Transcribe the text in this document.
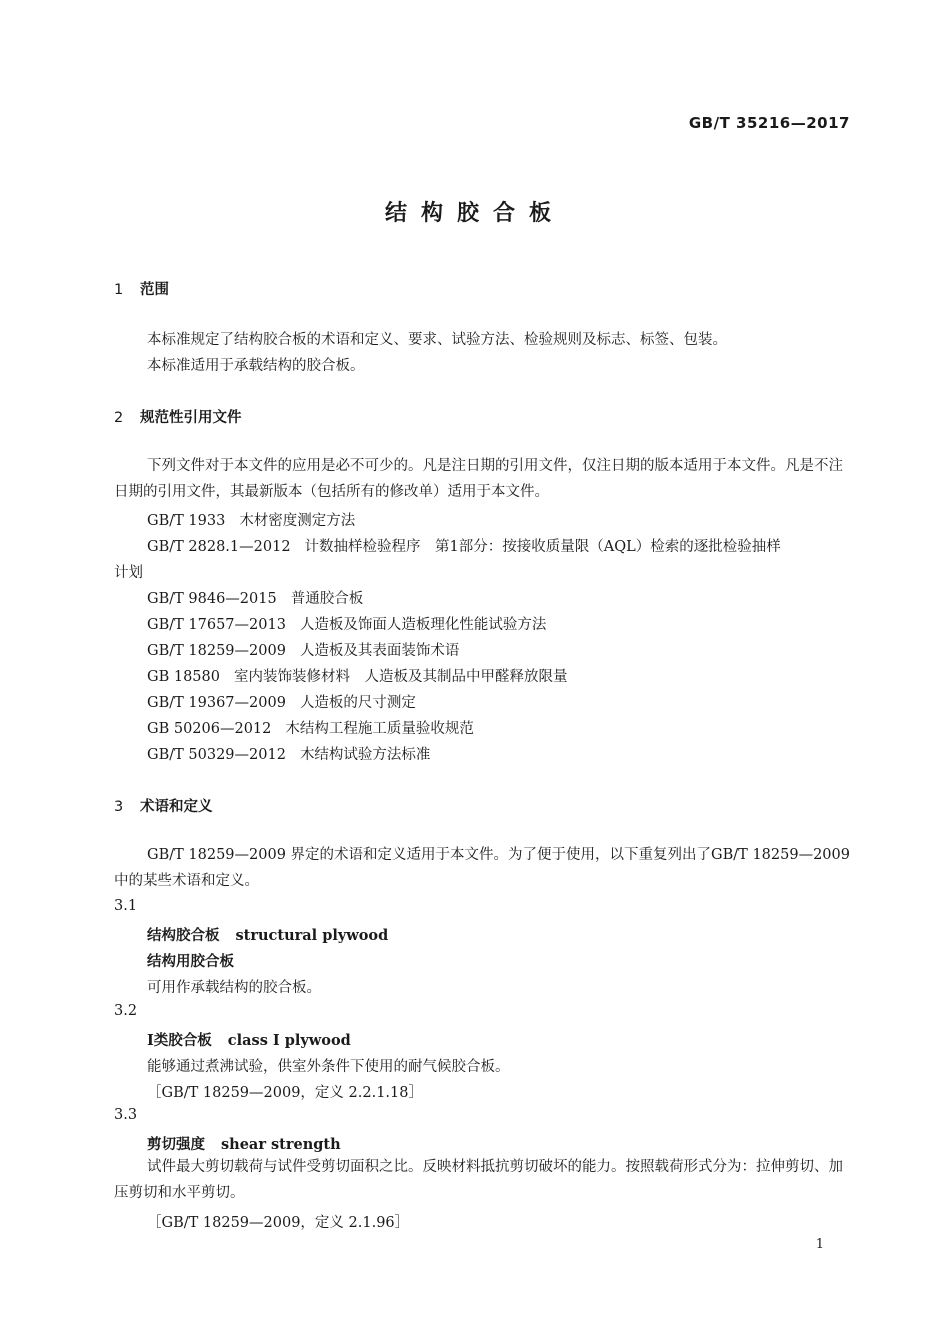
GB/T 35216—2017
结构胶合板
1 范围
本标准规定了结构胶合板的术语和定义、要求、试验方法、检验规则及标志、标签、包装。
本标准适用于承载结构的胶合板。
2 规范性引用文件
下列文件对于本文件的应用是必不可少的。凡是注日期的引用文件，仅注日期的版本适用于本文件。凡是不注日期的引用文件，其最新版本（包括所有的修改单）适用于本文件。
GB/T 1933 木材密度测定方法
GB/T 2828.1—2012 计数抽样检验程序　第1部分：按接收质量限（AQL）检索的逐批检验抽样
计划
GB/T 9846—2015 普通胶合板
GB/T 17657—2013 人造板及饰面人造板理化性能试验方法
GB/T 18259—2009 人造板及其表面装饰术语
GB 18580 室内装饰装修材料　人造板及其制品中甲醛释放限量
GB/T 19367—2009 人造板的尺寸测定
GB 50206—2012 木结构工程施工质量验收规范
GB/T 50329—2012 木结构试验方法标准
3 术语和定义
GB/T 18259—2009 界定的术语和定义适用于本文件。为了便于使用，以下重复列出了GB/T 18259—2009 中的某些术语和定义。
3.1
结构胶合板 structural plywood
结构用胶合板
可用作承载结构的胶合板。
3.2
Ⅰ类胶合板 class Ⅰ plywood
能够通过煮沸试验，供室外条件下使用的耐气候胶合板。
［GB/T 18259—2009，定义 2.2.1.18］
3.3
剪切强度 shear strength
试件最大剪切载荷与试件受剪切面积之比。反映材料抵抗剪切破坏的能力。按照载荷形式分为：拉伸剪切、加压剪切和水平剪切。
［GB/T 18259—2009，定义 2.1.96］
1
